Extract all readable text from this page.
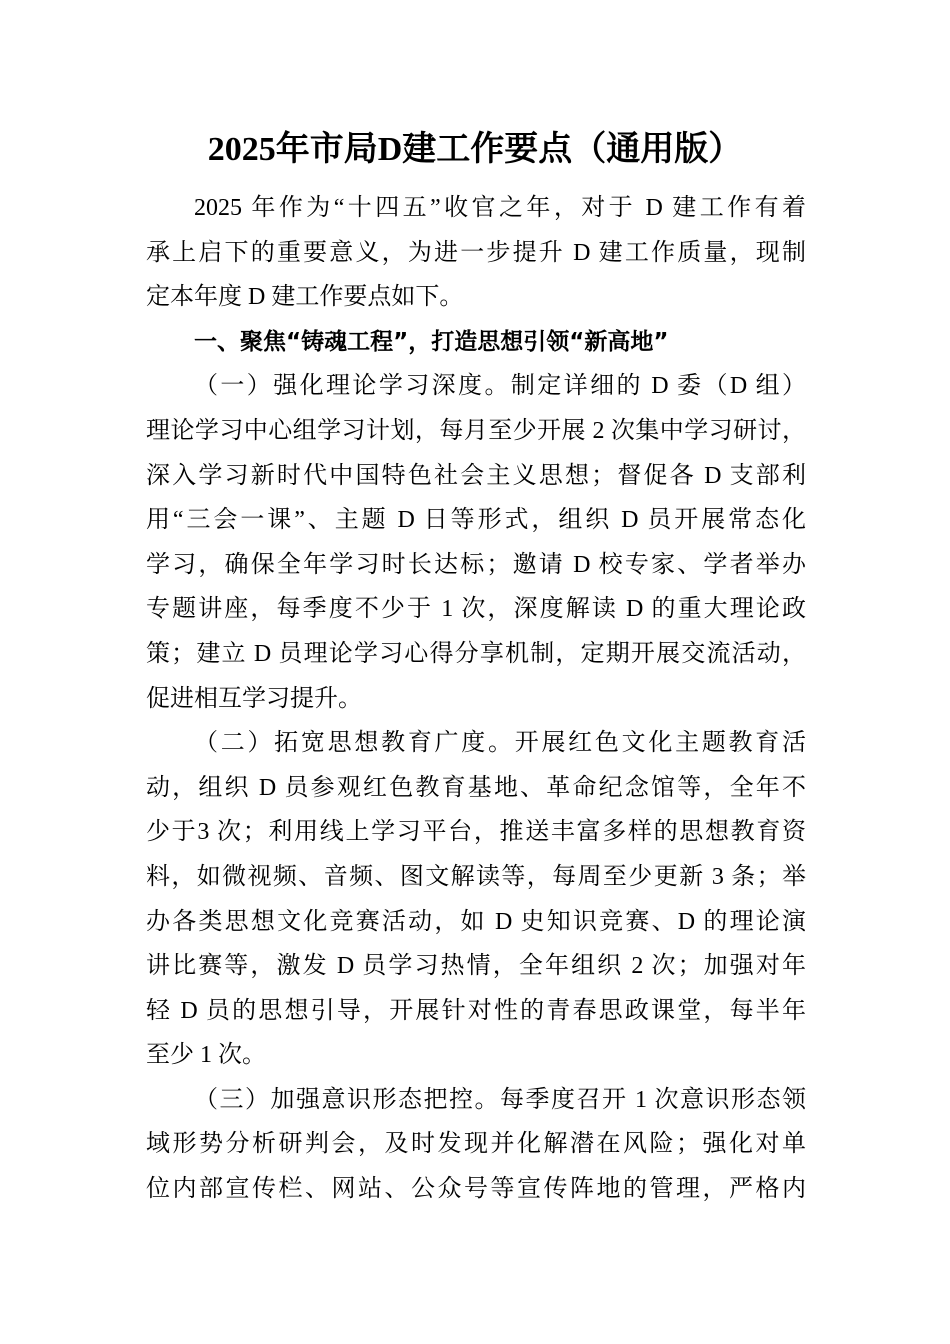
2025年市局D建工作要点（通用版）
2025 年作为“十四五”收官之年，对于 D 建工作有着
承上启下的重要意义，为进一步提升 D 建工作质量，现制
定本年度 D 建工作要点如下。
一、聚焦“铸魂工程”，打造思想引领“新高地”
（一）强化理论学习深度。制定详细的 D 委（D 组）
理论学习中心组学习计划，每月至少开展 2 次集中学习研讨，
深入学习新时代中国特色社会主义思想；督促各 D 支部利
用“三会一课”、主题 D 日等形式，组织 D 员开展常态化
学习，确保全年学习时长达标；邀请 D 校专家、学者举办
专题讲座，每季度不少于 1 次，深度解读 D 的重大理论政
策；建立 D 员理论学习心得分享机制，定期开展交流活动，
促进相互学习提升。
（二）拓宽思想教育广度。开展红色文化主题教育活
动，组织 D 员参观红色教育基地、革命纪念馆等，全年不
少于3 次；利用线上学习平台，推送丰富多样的思想教育资
料，如微视频、音频、图文解读等，每周至少更新 3 条；举
办各类思想文化竞赛活动，如 D 史知识竞赛、D 的理论演
讲比赛等，激发 D 员学习热情，全年组织 2 次；加强对年
轻 D 员的思想引导，开展针对性的青春思政课堂，每半年
至少 1 次。
（三）加强意识形态把控。每季度召开 1 次意识形态领
域形势分析研判会，及时发现并化解潜在风险；强化对单
位内部宣传栏、网站、公众号等宣传阵地的管理，严格内
